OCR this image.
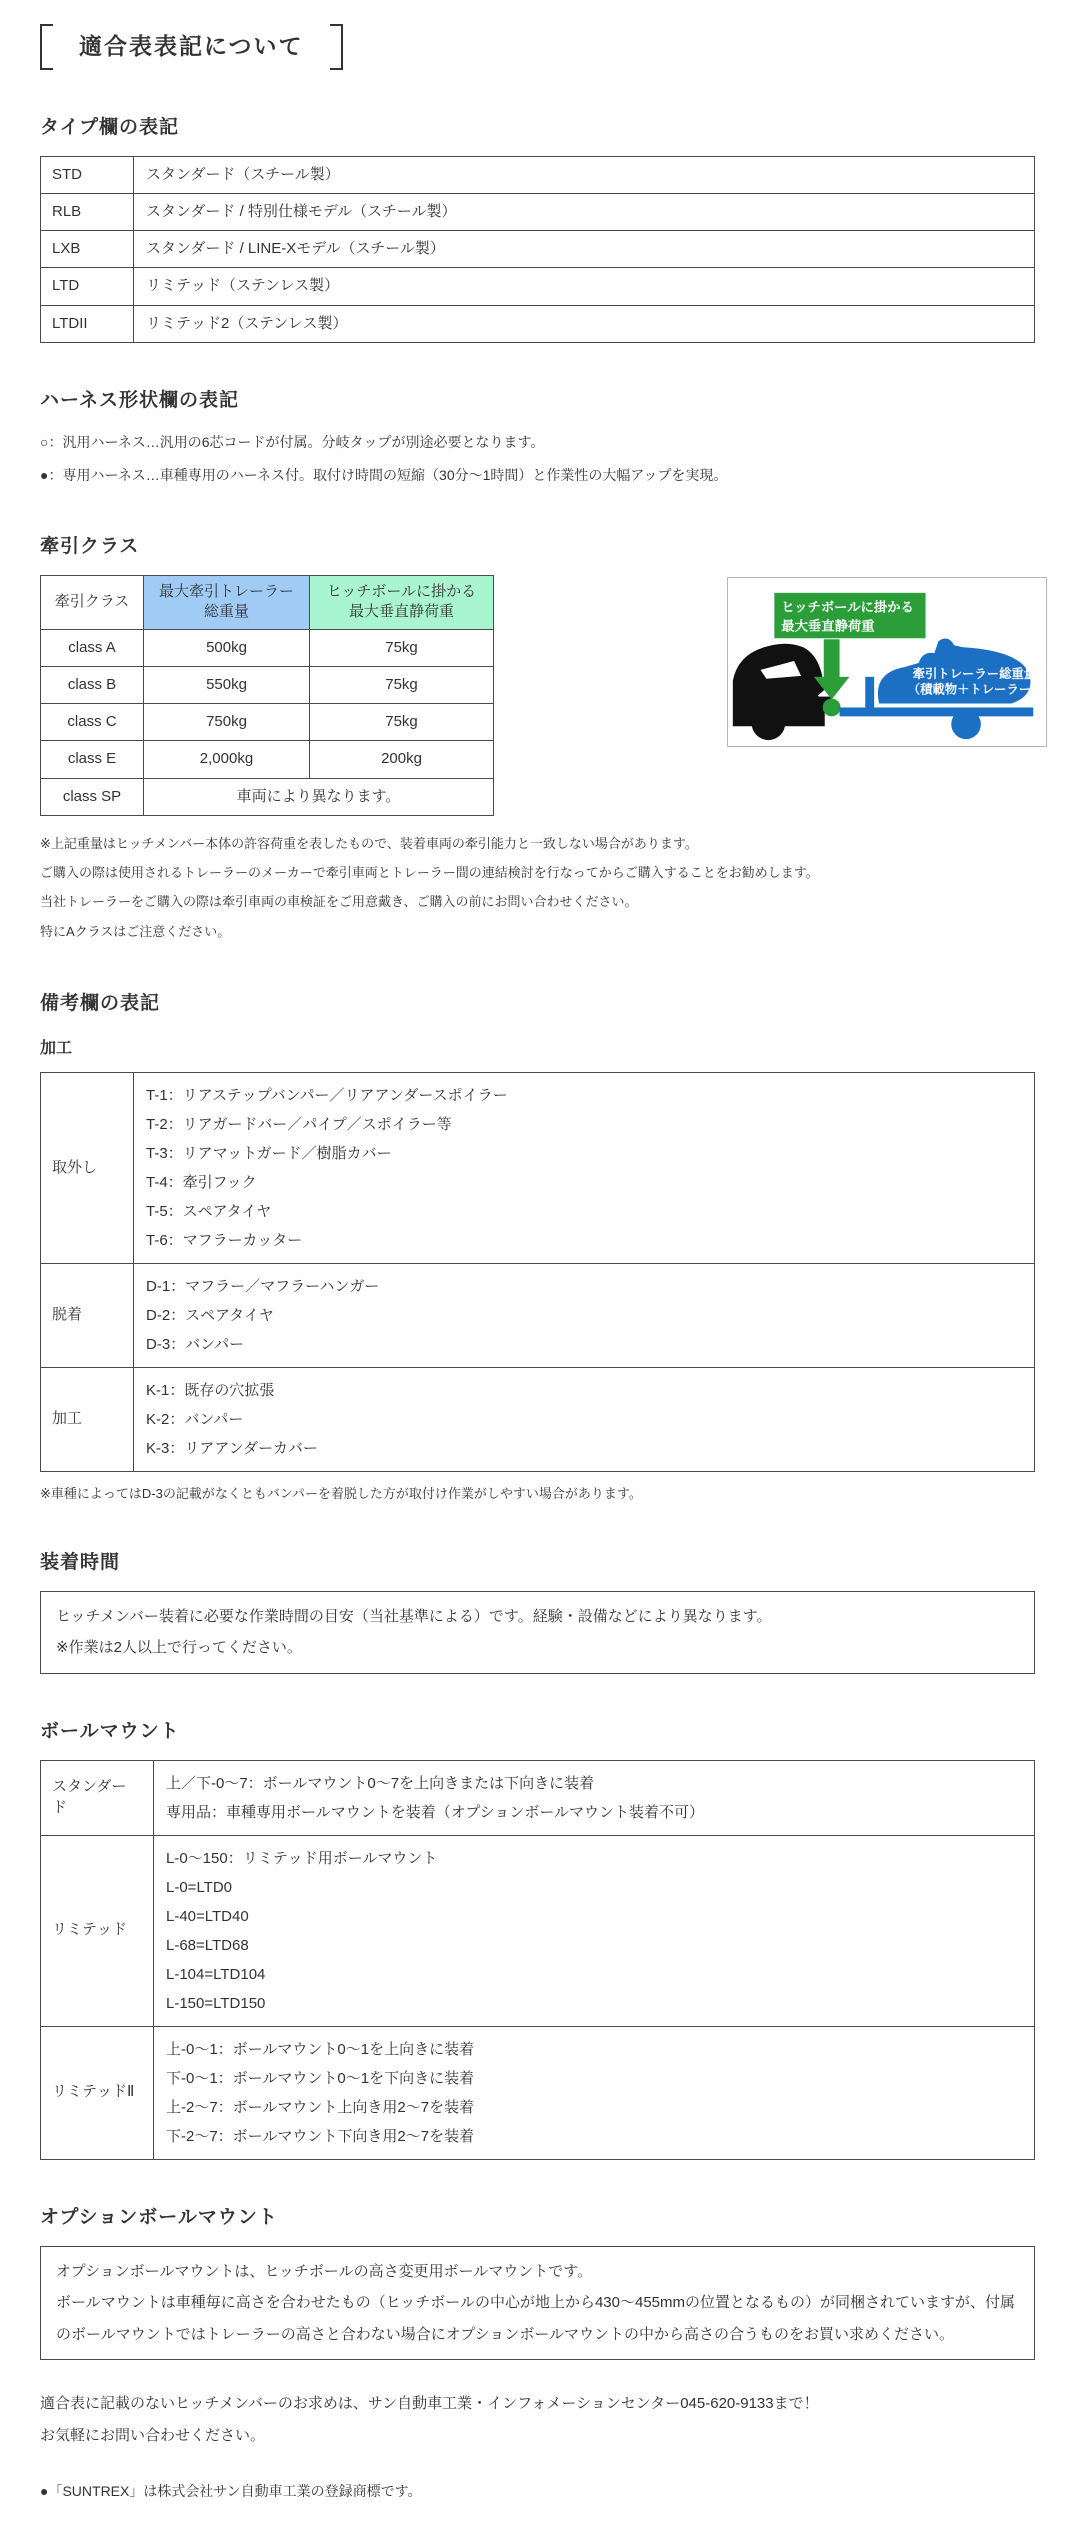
適合表表記について
タイプ欄の表記
STD	スタンダード（スチール製）
RLB	スタンダード / 特別仕様モデル（スチール製）
LXB	スタンダード / LINE-Xモデル（スチール製）
LTD	リミテッド（ステンレス製）
LTDII	リミテッド2（ステンレス製）
ハーネス形状欄の表記

○：汎用ハーネス…汎用の6芯コードが付属。分岐タップが別途必要となります。

●：専用ハーネス…車種専用のハーネス付。取付け時間の短縮（30分～1時間）と作業性の大幅アップを実現。

牽引クラス
牽引クラス	
最大牽引トレーラー
総重量

ヒッチボールに掛かる
最大垂直静荷重

class A	500kg	75kg
class B	550kg	75kg
class C	750kg	75kg
class E	2,000kg	200kg
class SP	車両により異なります。	
ヒッチボールに掛かる
最大垂直静荷重
牽引トレーラー総重量
（積載物＋トレーラー）

※上記重量はヒッチメンバー本体の許容荷重を表したもので、装着車両の牽引能力と一致しない場合があります。

ご購入の際は使用されるトレーラーのメーカーで牽引車両とトレーラー間の連結検討を行なってからご購入することをお勧めします。

当社トレーラーをご購入の際は牽引車両の車検証をご用意戴き、ご購入の前にお問い合わせください。

特にAクラスはご注意ください。

備考欄の表記
加工
取外し	
T-1：リアステップバンパー／リアアンダースポイラー
T-2：リアガードバー／パイプ／スポイラー等
T-3：リアマットガード／樹脂カバー
T-4：牽引フック
T-5：スペアタイヤ
T-6：マフラーカッター

脱着	D-1：マフラー／マフラーハンガー
D-2：スペアタイヤ
D-3：バンパー

加工	K-1：既存の穴拡張
K-2：バンパー
K-3：リアアンダーカバー

※車種によってはD-3の記載がなくともバンパーを着脱した方が取付け作業がしやすい場合があります。

装着時間

ヒッチメンバー装着に必要な作業時間の目安（当社基準による）です。経験・設備などにより異なります。

※作業は2人以上で行ってください。

ボールマウント
スタンダード	上／下-0～7：ボールマウント0～7を上向きまたは下向きに装着
専用品：車種専用ボールマウントを装着（オプションボールマウント装着不可）

リミテッド	
L-0～150：リミテッド用ボールマウント
L-0=LTD0
L-40=LTD40
L-68=LTD68
L-104=LTD104
L-150=LTD150

リミテッドⅡ	上-0～1：ボールマウント0～1を上向きに装着
下-0～1：ボールマウント0～1を下向きに装着
上-2～7：ボールマウント上向き用2～7を装着
下-2～7：ボールマウント下向き用2～7を装着
オプションボールマウント

オプションボールマウントは、ヒッチボールの高さ変更用ボールマウントです。

ボールマウントは車種毎に高さを合わせたもの（ヒッチボールの中心が地上から430～455mmの位置となるもの）が同梱されていますが、付属のボールマウントではトレーラーの高さと合わない場合にオプションボールマウントの中から高さの合うものをお買い求めください。

適合表に記載のないヒッチメンバーのお求めは、サン自動車工業・インフォメーションセンター045-620-9133まで！

お気軽にお問い合わせください。

●「SUNTREX」は株式会社サン自動車工業の登録商標です。
